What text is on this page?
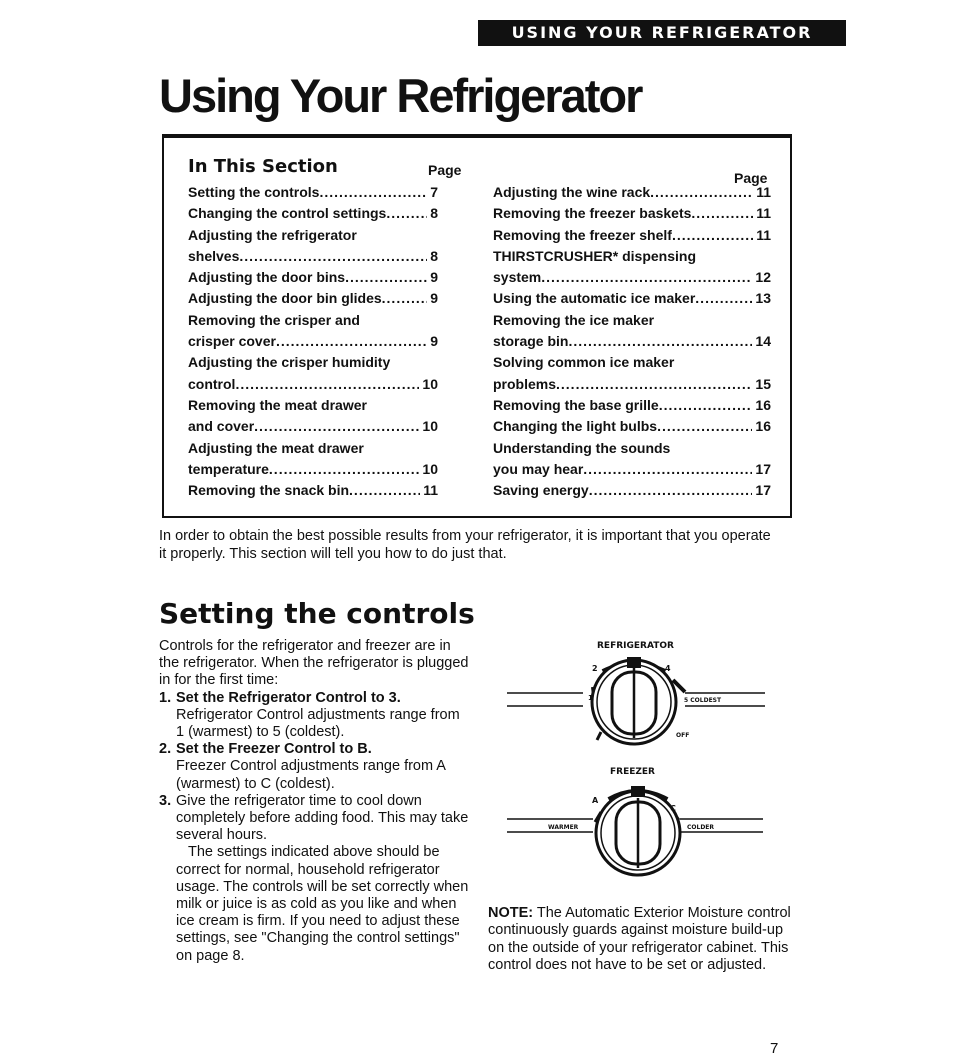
USING YOUR REFRIGERATOR
Using Your Refrigerator
In This Section	Page	Page
Setting the controls .....	7
Changing the control settings .....	8
Adjusting the refrigerator
shelves .....	8
Adjusting the door bins .....	9
Adjusting the door bin glides .....	9
Removing the crisper and
crisper cover .....	9
Adjusting the crisper humidity
control .....	10
Removing the meat drawer
and cover .....	10
Adjusting the meat drawer
temperature .....	10
Removing the snack bin .....	11
Adjusting the wine rack .....	11
Removing the freezer baskets .....	11
Removing the freezer shelf .....	11
THIRSTCRUSHER* dispensing
system .....	12
Using the automatic ice maker .....	13
Removing the ice maker
storage bin .....	14
Solving common ice maker
problems .....	15
Removing the base grille .....	16
Changing the light bulbs .....	16
Understanding the sounds
you may hear .....	17
Saving energy .....	17

In order to obtain the best possible results from your refrigerator, it is important that you operate it properly. This section will tell you how to do just that.

Setting the controls

Controls for the refrigerator and freezer are in the refrigerator. When the refrigerator is plugged in for the first time:

1. Set the Refrigerator Control to 3.
Refrigerator Control adjustments range from 1 (warmest) to 5 (coldest).
2. Set the Freezer Control to B.
Freezer Control adjustments range from A (warmest) to C (coldest).
3. Give the refrigerator time to cool down completely before adding food. This may take several hours.
The settings indicated above should be correct for normal, household refrigerator usage. The controls will be set correctly when milk or juice is as cold as you like and when ice cream is firm. If you need to adjust these settings, see "Changing the control settings" on page 8.
REFRIGERATOR
2	4
1	5 COLDEST
OFF
FREEZER
A
C
WARMER	COLDER

NOTE: The Automatic Exterior Moisture control continuously guards against moisture build-up on the outside of your refrigerator cabinet. This control does not have to be set or adjusted.

7
